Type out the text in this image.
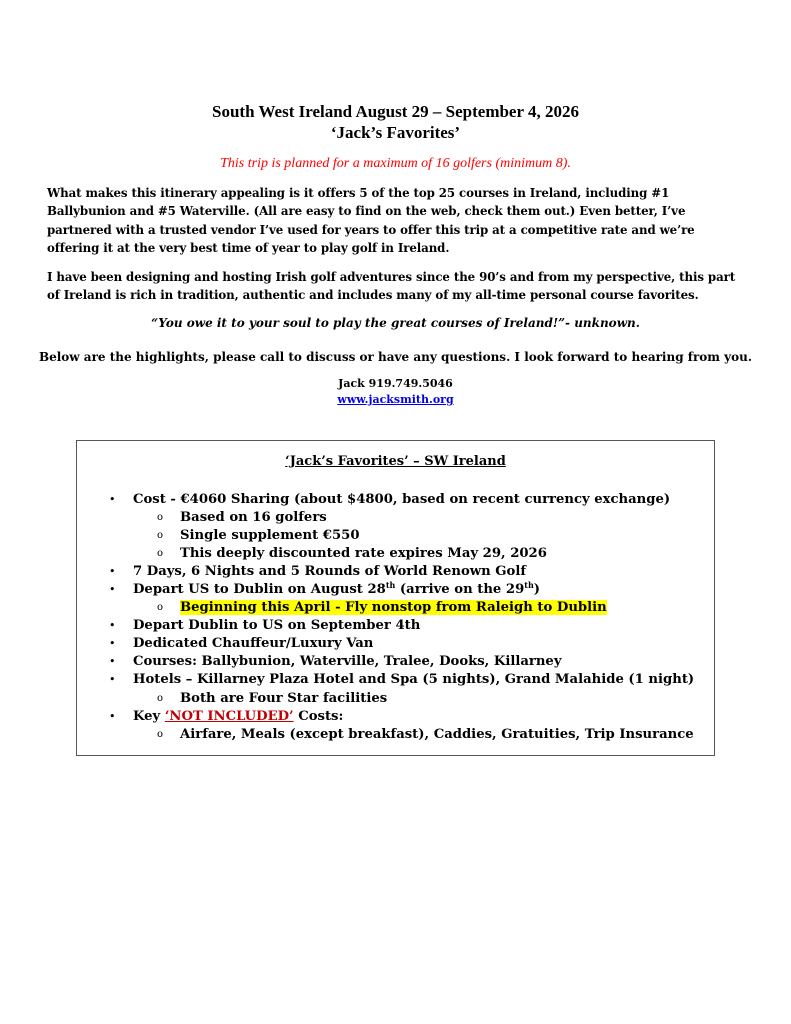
South West Ireland August 29 – September 4, 2026
‘Jack’s Favorites’
This trip is planned for a maximum of 16 golfers (minimum 8).
What makes this itinerary appealing is it offers 5 of the top 25 courses in Ireland, including #1 Ballybunion and #5 Waterville. (All are easy to find on the web, check them out.) Even better, I’ve partnered with a trusted vendor I’ve used for years to offer this trip at a competitive rate and we’re offering it at the very best time of year to play golf in Ireland.
I have been designing and hosting Irish golf adventures since the 90’s and from my perspective, this part of Ireland is rich in tradition, authentic and includes many of my all-time personal course favorites.
“You owe it to your soul to play the great courses of Ireland!”- unknown.
Below are the highlights, please call to discuss or have any questions. I look forward to hearing from you.
Jack 919.749.5046
www.jacksmith.org
‘Jack’s Favorites’ – SW Ireland
• Cost - €4060 Sharing (about $4800, based on recent currency exchange)
o Based on 16 golfers
o Single supplement €550
o This deeply discounted rate expires May 29, 2026
• 7 Days, 6 Nights and 5 Rounds of World Renown Golf
• Depart US to Dublin on August 28th (arrive on the 29th)
o Beginning this April - Fly nonstop from Raleigh to Dublin
• Depart Dublin to US on September 4th
• Dedicated Chauffeur/Luxury Van
• Courses: Ballybunion, Waterville, Tralee, Dooks, Killarney
• Hotels – Killarney Plaza Hotel and Spa (5 nights), Grand Malahide (1 night)
o Both are Four Star facilities
• Key ‘NOT INCLUDED’ Costs:
o Airfare, Meals (except breakfast), Caddies, Gratuities, Trip Insurance
